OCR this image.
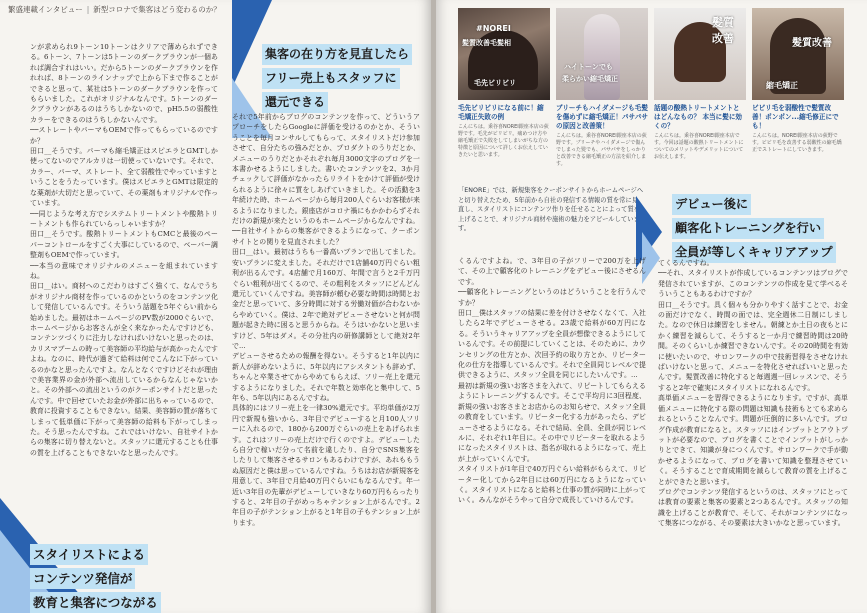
繁盛連載インタビュー | 新型コロナで集客はどう変わるのか？

ンが求められ9トーン10トーンはクリアで薄められずできる。6トーン、7トーンは5トーンのダークブラウンが一個あれば調合すれはいい。だから5トーンのダークブラウンを作れれば、8トーンのラインナップで上から下まで作ることができると思って、某社は5トーンのダークブラウンを作ってもらいました。これがオリジナルなんです。5トーンのダークブラウンがあるのはうちしかないので、pH5.5の弱酸性カラーをできるのはうちしかないんです。

──ストレートやパーマもOEMで作ってもらっているのですか？

田口__そうです。パーマも縮毛矯正はスピエラとGMTしか使ってないのでアルカリは一切使っていないです。それで、カラー、パーマ、ストレート、全て弱酸性でやっていますということをうたっています。僕はスピエラとGMTは限定的な薬剤が大切だと思っていて、その薬剤もオリジナルで作っています。

──同じような考え方でシステムトリートメントや酸熱トリートメントも作られていらっしゃいますか？

田口__そうです。酸熱トリートメントもCMCと最後のペーパーコントロールをすごく大事にしているので、ベーパー調整剤もOEMで作っています。

──本当の意味でオリジナルのメニューを組まれていますね。

田口__はい。商材へのこだわりはすごく強くて、なんでうちがオリジナル商材を作っているのかというのをコンテンツ化して発信しているんです。そういう話題を5年ぐらい前から始めました。最初はホームページのPV数が2000ぐらいで、ホームページからお客さんが全く来なかったんですけども、コンテンツづくりに注力しなければいけないと思ったのは、カリスマブームの時って美容師の平均給与が高かったんですよね。なのに、時代が過ぎて給料は何でこんなに下がっているのかなと思ったんですよ。なんとなくですけどそれが理由で美容業界の金が外部へ流出しているからなんじゃないかと。その外部への流出というのがクーポンサイトだと思ったんです。中で回せていたお金が外部に出ちゃっているので、教育に投資することもできない。結果、美容師の質が落ちてしまって低単価に下がって美容師の給料も下がってしまった。そう思ったんですね。これではいけない、自社サイトからの集客に切り替えないと。スタッフに還元することも仕事の質を上げることもできないなと思ったんです。

スタイリストによる
コンテンツ発信が
教育と集客につながる
集客の在り方を見直したら
フリー売上もスタッフに
還元できる

それで5年前からブログのコンテンツを作って、どういうアプローチをしたらGoogleに評価を受けるのかとか、そういうことを毎月コンサルしてもらって、スタイリストだけ参加させて、自分たちの強みだとか、プロダクトのうりだとか、メニューのうりだとかそれぞれ毎月3000文字のブログを一本書かせるようにしました。書いたコンテンツを2、3か月チェックして評価がなかったらリライトをかけて評価が受けられるように徐々に質をしあげていきました。その活動を3年続けた時、ホームページから毎月200人ぐらいお客様が来るようになりました。銀座店がコロナ禍にもかかわらずそれだけの新規が来たというのもホームページからなんですね。

──自社サイトからの集客ができるようになって、クーポンサイトとの関りを見直されました？

田口__はい。最初はうちも一番高いプランで出してました。安いプランに変えました。それだけで1店舗40万円ぐらい粗利が出るんです。4店舗で月160万、年間で言うと2千万円ぐらい粗利が出てくるので、その粗利をスタッフにどんどん還元していくんですね。美容師が頼む必要な時間は時間とお金だと思っていて、多分時間に対する労働対価が合わないからやめていく。僕は、2年で絶対デビューさせないと何が問題が起きた時に困ると思うからね。そうはいかないと思いますけど、5年はダメ。その分社内の研修講師として絶対2年で...

デビューさせるための報酬を得ない。そうすると1年以内に新人が辞めないように、5年以内にアシスタントも辞めず、ちゃんと卒業させてからやめてもらえば、フリー売上を還元するようになりました。それで年数と効率化と集中して、5年も、5年以内にあるんですね。

具体的にはフリー売上を一律30%還元です。平均単価が2万円で新規も強いから、3年目でデビューすると月100人フリーに入れるので、180から200万ぐらいの売上をあげられます。これはフリーの売上だけで行くのですよ。デビューしたら自分で稼いだ分って名前を違したり、自分でSNS集客をしたりして集客させるサロンもあるわけですが、あれももうぬ原因だと僕は思っているんですね。うちはお店が新規客を用意して、3年目で月給40万円ぐらいにもなるんです。年一近い3年目の先輩がデビューしていきなり60万円もらったりすると、2年目の子がめっちゃテンション上がるんです。2年目の子がテンション上がると1年目の子もテンション上がります。

#NOREI
髪質改善毛髪相
毛先ビリビリ
ハイトーンでも
柔らかい縮毛矯正
髪質
改善	髪質改善
縮毛矯正
毛先ビリビリになる前に！縮毛矯正失敗の例
こんにちは。乗谷喜NOREI銀座本店の荻野です。毛先がビリビリ。痛めつけ方や縮毛矯正で失敗をしてしまいがちな方の特徴と原因について詳しくお伝えしていきたいと思います。
ブリーチもハイダメージも毛髪を傷めずに縮毛矯正！パサパサの原因と改善策！
こんにちは。乗谷喜NOREI銀座本店の荻野です。ブリーチやハイダメージで傷んでしまった髪でも、パサパサをしっかりと改善できる縮毛矯正の方法を紹介します。
話題の酸熱トリートメントとはどんなもの？ 本当に髪に効くの？
こんにちは。乗谷喜NOREI銀座本店です。今回は話題の酸熱トリートメントについてのメリットやデメリットについてお伝えします。
ビビリ毛を弱酸性で髪質改善！ポンポン...縮毛修正にでも！
こんにちは。NOREI銀座本店の荻野です。ビビリ毛を改善する弱酸性の縮毛矯正でストレートにしていきます。
「ENORE」では、新規集客をクーポンサイトからホームページへと切り替えたため、5年前から自社の発信する情報の質を常に見直し、スタイリストにコンテンツ作りを任せることによって質を上げることで、オリジナル商材や施術の魅力をアピールしています。
デビュー後に
顧客化トレーニングを行い
全員が等しくキャリアアップ

くるんですよね。で、3年目の子がフリーで200万を上げて、その上で顧客化のトレーニングをデビュー後にさせるんです。

──顧客化トレーニングというのはどういうことを行うんですか？

田口__僕はスタッフの結果に差を付けさせなくなくて、入社したら2年でデビューさせる。23歳で給料が60万円になる。そういうキャリアアップを全員が想像できるようにしているんです。その前提にしていくことは、そのために、カウンセリングの仕方とか、次回予約の取り方とか、リピーター化の仕方を指導しているんです。それで全員同じレベルで提供できるように、スタッフ全員を同じにしたいんです。...

最初は新規の強いお客さまを入れて、リピートしてもらえるようにトレーニングするんです。そこで平均月に3回程度、新規の強いお客さまとお店からのお知らせで、スタッフ全員の教育をしています。リピーター化する力があったら、デビューさせるようになる。それで結局、全員、全員が同じレベルに、それぞれ1年目に。その中でリピーターを取れるようになったスタイリストは、指名が取れるようになって、売上が上がっていくんです。

スタイリストが1年目で40万円ぐらい給料がもらえて、リピーター化してから2年目には60万円になるようになっていく。スタイリストになると給料と仕事の質が同時に上がっていく。みんながそうやって自分で成長していけるんです。

てくるんですね。

──それ、スタイリストが作成しているコンテンツはブログで発信されていますが、このコンテンツの作成を見て学べるそういうこともあるわけですか？

田口__そうです。具く個々も分かりやすく話すことで、お金の面だけでなく、時間の面では、完全週休二日制にしました。なので休日は練習をしません。朝練とか土日の夜もとにかく練習を減らして、そうすると一か月で練習時間は20時間。そのくらいしか練習できないんです。その20時間を有効に使いたいので、サロンワークの中で技術習得をさせなければいけないと思って、メニューを特化させればいいと思ったんです。髪質改善に特化すると毎週週一回レッスンで、そうすると2年で確実にスタイリストになれるんです。

高単価メニューを習得できるようになります。ですが、高単価メニューに特化する際の問題は知識も技術もとても求められるということなんです。問題が圧倒的に多いんです。ブログ作成が教育になると。スタッフにはインプットとアウトプットが必要なので、ブログを書くことでインプットがしっかりとできて、知識が身につくんです。サロンワークで手が動かせるようになって、ブログを書いて知識を整理させていく。そうすることで育成期間を減らして教育の質を上げることができたと思います。

ブログでコンテンツ発信するというのは、スタッフにとっては教育の要素と集客の要素と2つあるんです。スタッフの知識を上げることが教育で、そして、それがコンテンツになって集客につながる、その要素は大きいかなと思っています。
